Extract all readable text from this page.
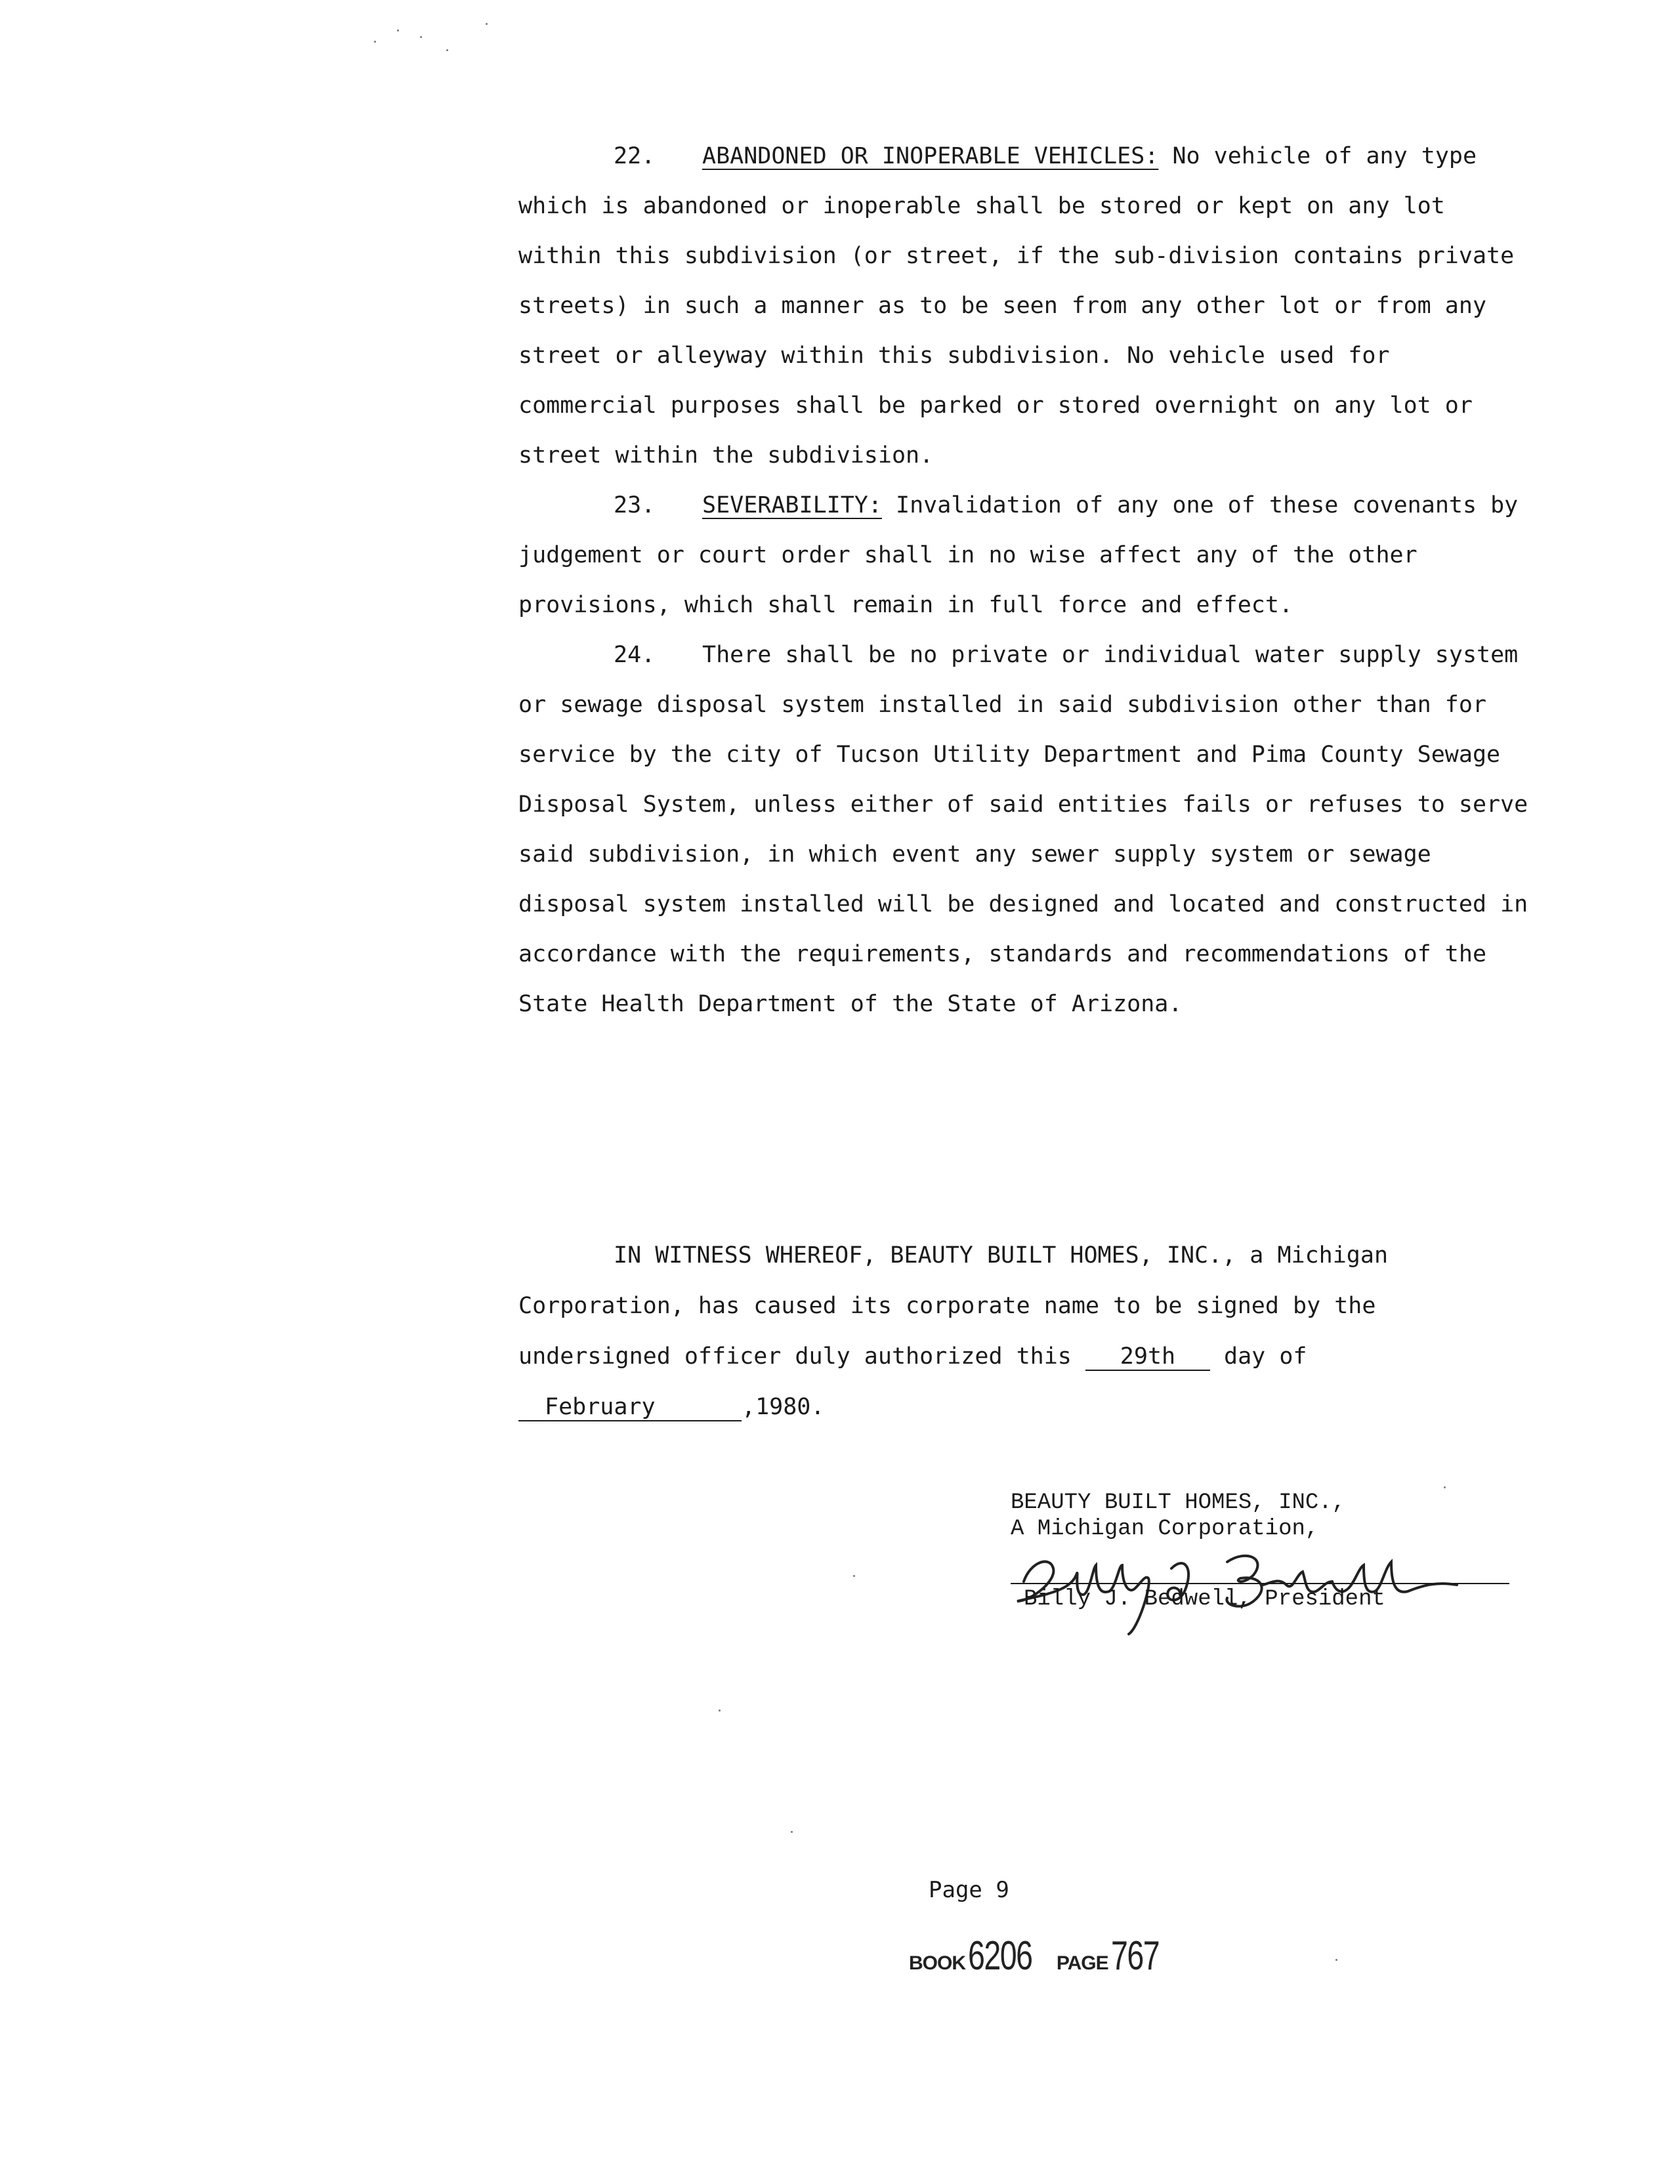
22. ABANDONED OR INOPERABLE VEHICLES: No vehicle of any type which is abandoned or inoperable shall be stored or kept on any lot within this subdivision (or street, if the sub-division contains private streets) in such a manner as to be seen from any other lot or from any street or alleyway within this subdivision. No vehicle used for commercial purposes shall be parked or stored overnight on any lot or street within the subdivision.

23. SEVERABILITY: Invalidation of any one of these covenants by judgement or court order shall in no wise affect any of the other provisions, which shall remain in full force and effect.

24. There shall be no private or individual water supply system or sewage disposal system installed in said subdivision other than for service by the city of Tucson Utility Department and Pima County Sewage Disposal System, unless either of said entities fails or refuses to serve said subdivision, in which event any sewer supply system or sewage disposal system installed will be designed and located and constructed in accordance with the requirements, standards and recommendations of the State Health Department of the State of Arizona.

IN WITNESS WHEREOF, BEAUTY BUILT HOMES, INC., a Michigan Corporation, has caused its corporate name to be signed by the undersigned officer duly authorized this 29th day of

February	,1980.

BEAUTY BUILT HOMES, INC.,
A Michigan Corporation,
Billy J. Bedwell, President
Page 9
BOOK 6206 PAGE 767
